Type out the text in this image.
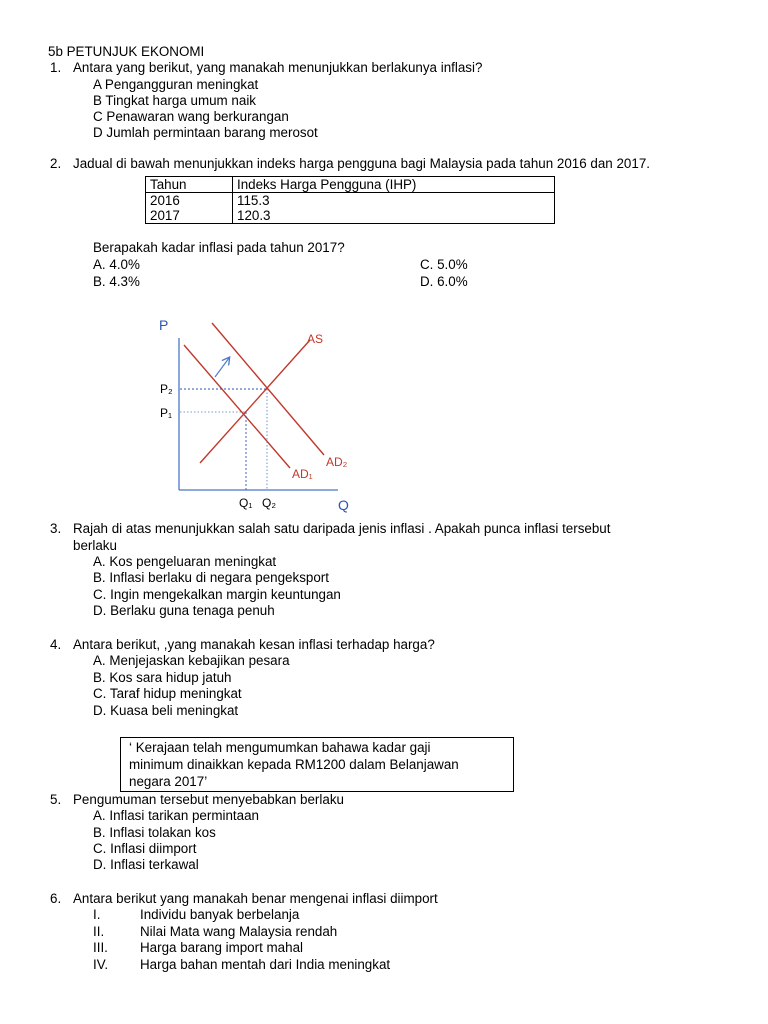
5b PETUNJUK EKONOMI
1. Antara yang berikut, yang manakah menunjukkan berlakunya inflasi?
A Pengangguran meningkat
B Tingkat harga umum naik
C Penawaran wang berkurangan
D Jumlah permintaan barang merosot
2. Jadual di bawah menunjukkan indeks harga pengguna bagi Malaysia pada tahun 2016 dan 2017.
Tahun	Indeks Harga Pengguna (IHP)
2016	115.3
2017	120.3
Berapakah kadar inflasi pada tahun 2017?
A. 4.0%
B. 4.3%
C. 5.0%
D. 6.0%
P
Q
AS
AD₂
AD₁
P₂
P₁
Q₁ Q₂
3. Rajah di atas menunjukkan salah satu daripada jenis inflasi . Apakah punca inflasi tersebut
berlaku
A. Kos pengeluaran meningkat
B. Inflasi berlaku di negara pengeksport
C. Ingin mengekalkan margin keuntungan
D. Berlaku guna tenaga penuh
4. Antara berikut, ,yang manakah kesan inflasi terhadap harga?
A. Menjejaskan kebajikan pesara
B. Kos sara hidup jatuh
C. Taraf hidup meningkat
D. Kuasa beli meningkat
‘ Kerajaan telah mengumumkan bahawa kadar gaji
minimum dinaikkan kepada RM1200 dalam Belanjawan
negara 2017’
5. Pengumuman tersebut menyebabkan berlaku
A. Inflasi tarikan permintaan
B. Inflasi tolakan kos
C. Inflasi diimport
D. Inflasi terkawal
6. Antara berikut yang manakah benar mengenai inflasi diimport
I.	Individu banyak berbelanja
II.	Nilai Mata wang Malaysia rendah
III. Harga barang import mahal
IV. Harga bahan mentah dari India meningkat
